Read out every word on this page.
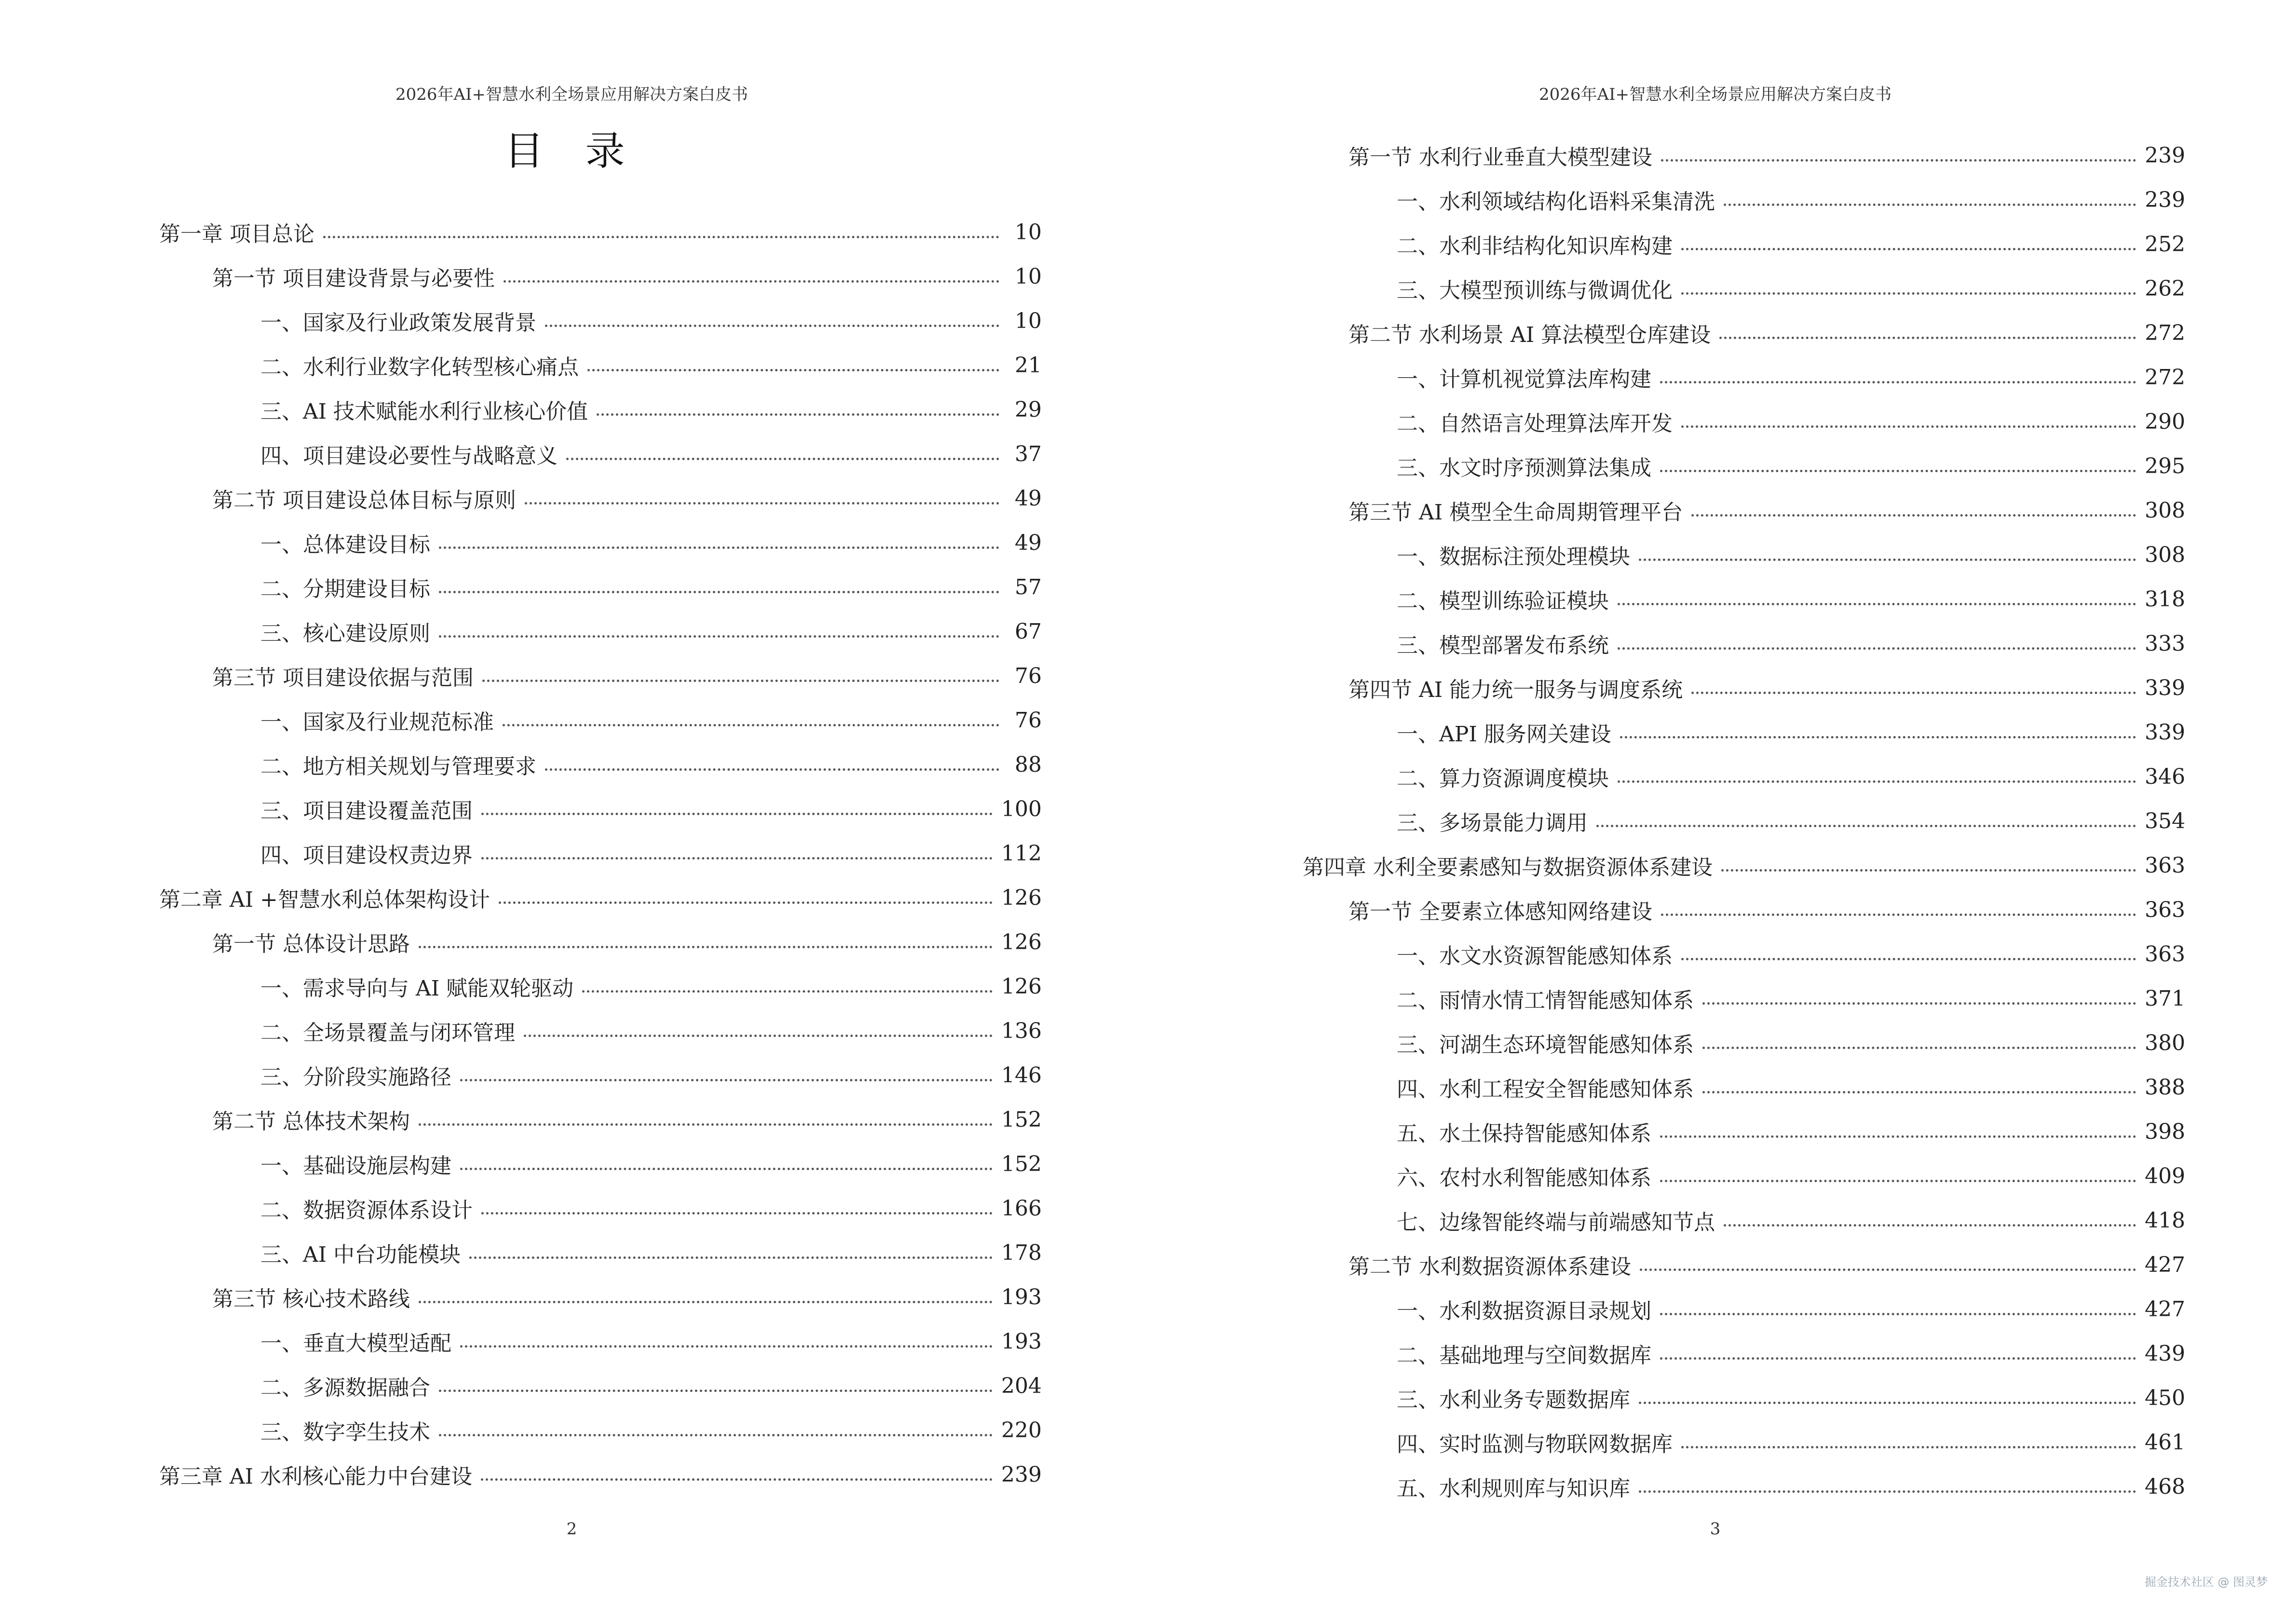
2026年AI+智慧水利全场景应用解决方案白皮书
目 录
第一章 项目总论	10
第一节 项目建设背景与必要性	10
一、国家及行业政策发展背景	10
二、水利行业数字化转型核心痛点	21
三、AI 技术赋能水利行业核心价值	29
四、项目建设必要性与战略意义	37
第二节 项目建设总体目标与原则	49
一、总体建设目标	49
二、分期建设目标	57
三、核心建设原则	67
第三节 项目建设依据与范围	76
一、国家及行业规范标准	76
二、地方相关规划与管理要求	88
三、项目建设覆盖范围	100
四、项目建设权责边界	112
第二章 AI +智慧水利总体架构设计	126
第一节 总体设计思路	126
一、需求导向与 AI 赋能双轮驱动	126
二、全场景覆盖与闭环管理	136
三、分阶段实施路径	146
第二节 总体技术架构	152
一、基础设施层构建	152
二、数据资源体系设计	166
三、AI 中台功能模块	178
第三节 核心技术路线	193
一、垂直大模型适配	193
二、多源数据融合	204
三、数字孪生技术	220
第三章 AI 水利核心能力中台建设	239
2
2026年AI+智慧水利全场景应用解决方案白皮书
第一节 水利行业垂直大模型建设	239
一、水利领域结构化语料采集清洗	239
二、水利非结构化知识库构建	252
三、大模型预训练与微调优化	262
第二节 水利场景 AI 算法模型仓库建设	272
一、计算机视觉算法库构建	272
二、自然语言处理算法库开发	290
三、水文时序预测算法集成	295
第三节 AI 模型全生命周期管理平台	308
一、数据标注预处理模块	308
二、模型训练验证模块	318
三、模型部署发布系统	333
第四节 AI 能力统一服务与调度系统	339
一、API 服务网关建设	339
二、算力资源调度模块	346
三、多场景能力调用	354
第四章 水利全要素感知与数据资源体系建设	363
第一节 全要素立体感知网络建设	363
一、水文水资源智能感知体系	363
二、雨情水情工情智能感知体系	371
三、河湖生态环境智能感知体系	380
四、水利工程安全智能感知体系	388
五、水土保持智能感知体系	398
六、农村水利智能感知体系	409
七、边缘智能终端与前端感知节点	418
第二节 水利数据资源体系建设	427
一、水利数据资源目录规划	427
二、基础地理与空间数据库	439
三、水利业务专题数据库	450
四、实时监测与物联网数据库	461
五、水利规则库与知识库	468
3
掘金技术社区 @ 图灵梦
